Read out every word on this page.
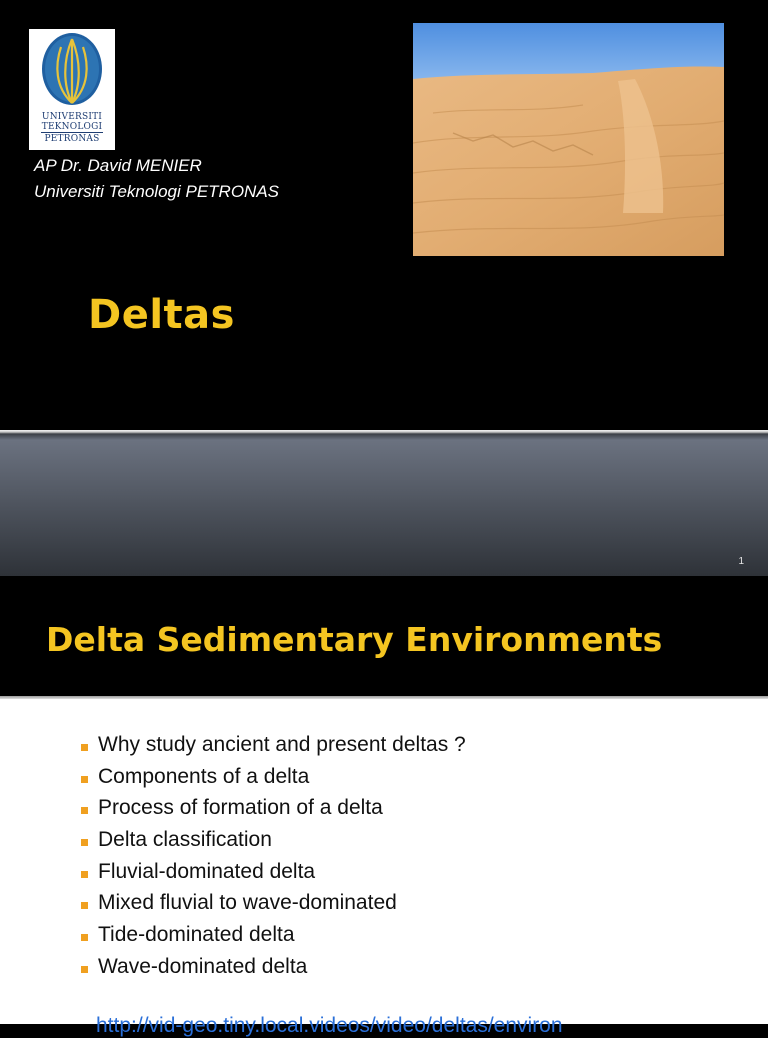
UNIVERSITI
TEKNOLOGI
PETRONAS
AP Dr. David MENIER
Universiti Teknologi PETRONAS
Deltas
1
Delta Sedimentary Environments
Why study ancient and present deltas ?
Components of a delta
Process of formation of a delta
Delta classification
Fluvial-dominated delta
Mixed fluvial to wave-dominated
Tide-dominated delta
Wave-dominated delta
http://vid-geo.tiny.local.videos/video/deltas/environ
